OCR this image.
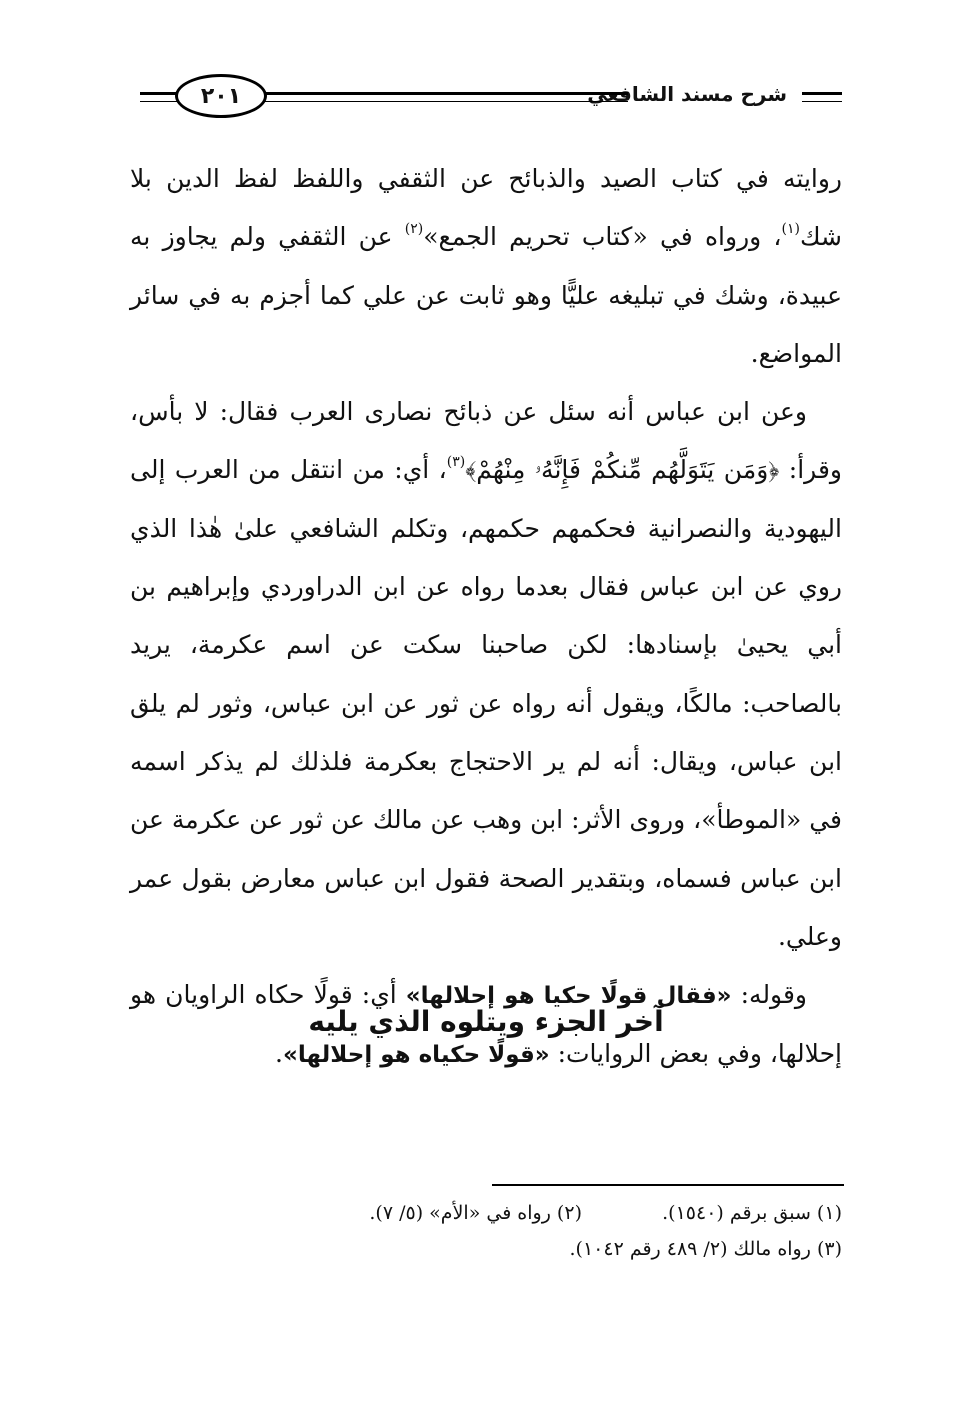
شرح مسند الشافعي
٢٠١

روايته في كتاب الصيد والذبائح عن الثقفي واللفظ لفظ الدين بلا شك$^{(١)}$، ورواه في «كتاب تحريم الجمع»$^{(٢)}$ عن الثقفي ولم يجاوز به عبيدة، وشك في تبليغه عليًّا وهو ثابت عن علي كما أجزم به في سائر المواضع.

وعن ابن عباس أنه سئل عن ذبائح نصارى العرب فقال: لا بأس، وقرأ: ﴿وَمَن يَتَوَلَّهُم مِّنكُمْ فَإِنَّهُۥ مِنْهُمْ﴾$^{(٣)}$، أي: من انتقل من العرب إلى اليهودية والنصرانية فحكمهم حكمهم، وتكلم الشافعي علىٰ هٰذا الذي روي عن ابن عباس فقال بعدما رواه عن ابن الدراوردي وإبراهيم بن أبي يحيىٰ بإسنادها: لكن صاحبنا سكت عن اسم عكرمة، يريد بالصاحب: مالكًا، ويقول أنه رواه عن ثور عن ابن عباس، وثور لم يلق ابن عباس، ويقال: أنه لم ير الاحتجاج بعكرمة فلذلك لم يذكر اسمه في «الموطأ»، وروى الأثر: ابن وهب عن مالك عن ثور عن عكرمة عن ابن عباس فسماه، وبتقدير الصحة فقول ابن عباس معارض بقول عمر وعلي.

وقوله: «فقال قولًا حكيا هو إحلالها» أي: قولًا حكاه الراويان هو إحلالها، وفي بعض الروايات: «قولًا حكياه هو إحلالها».

آخر الجزء ويتلوه الذي يليه
(١) سبق برقم (١٥٤٠).
(٢) رواه في «الأم» (٥/ ٧).
(٣) رواه مالك (٢/ ٤٨٩ رقم ١٠٤٢).
